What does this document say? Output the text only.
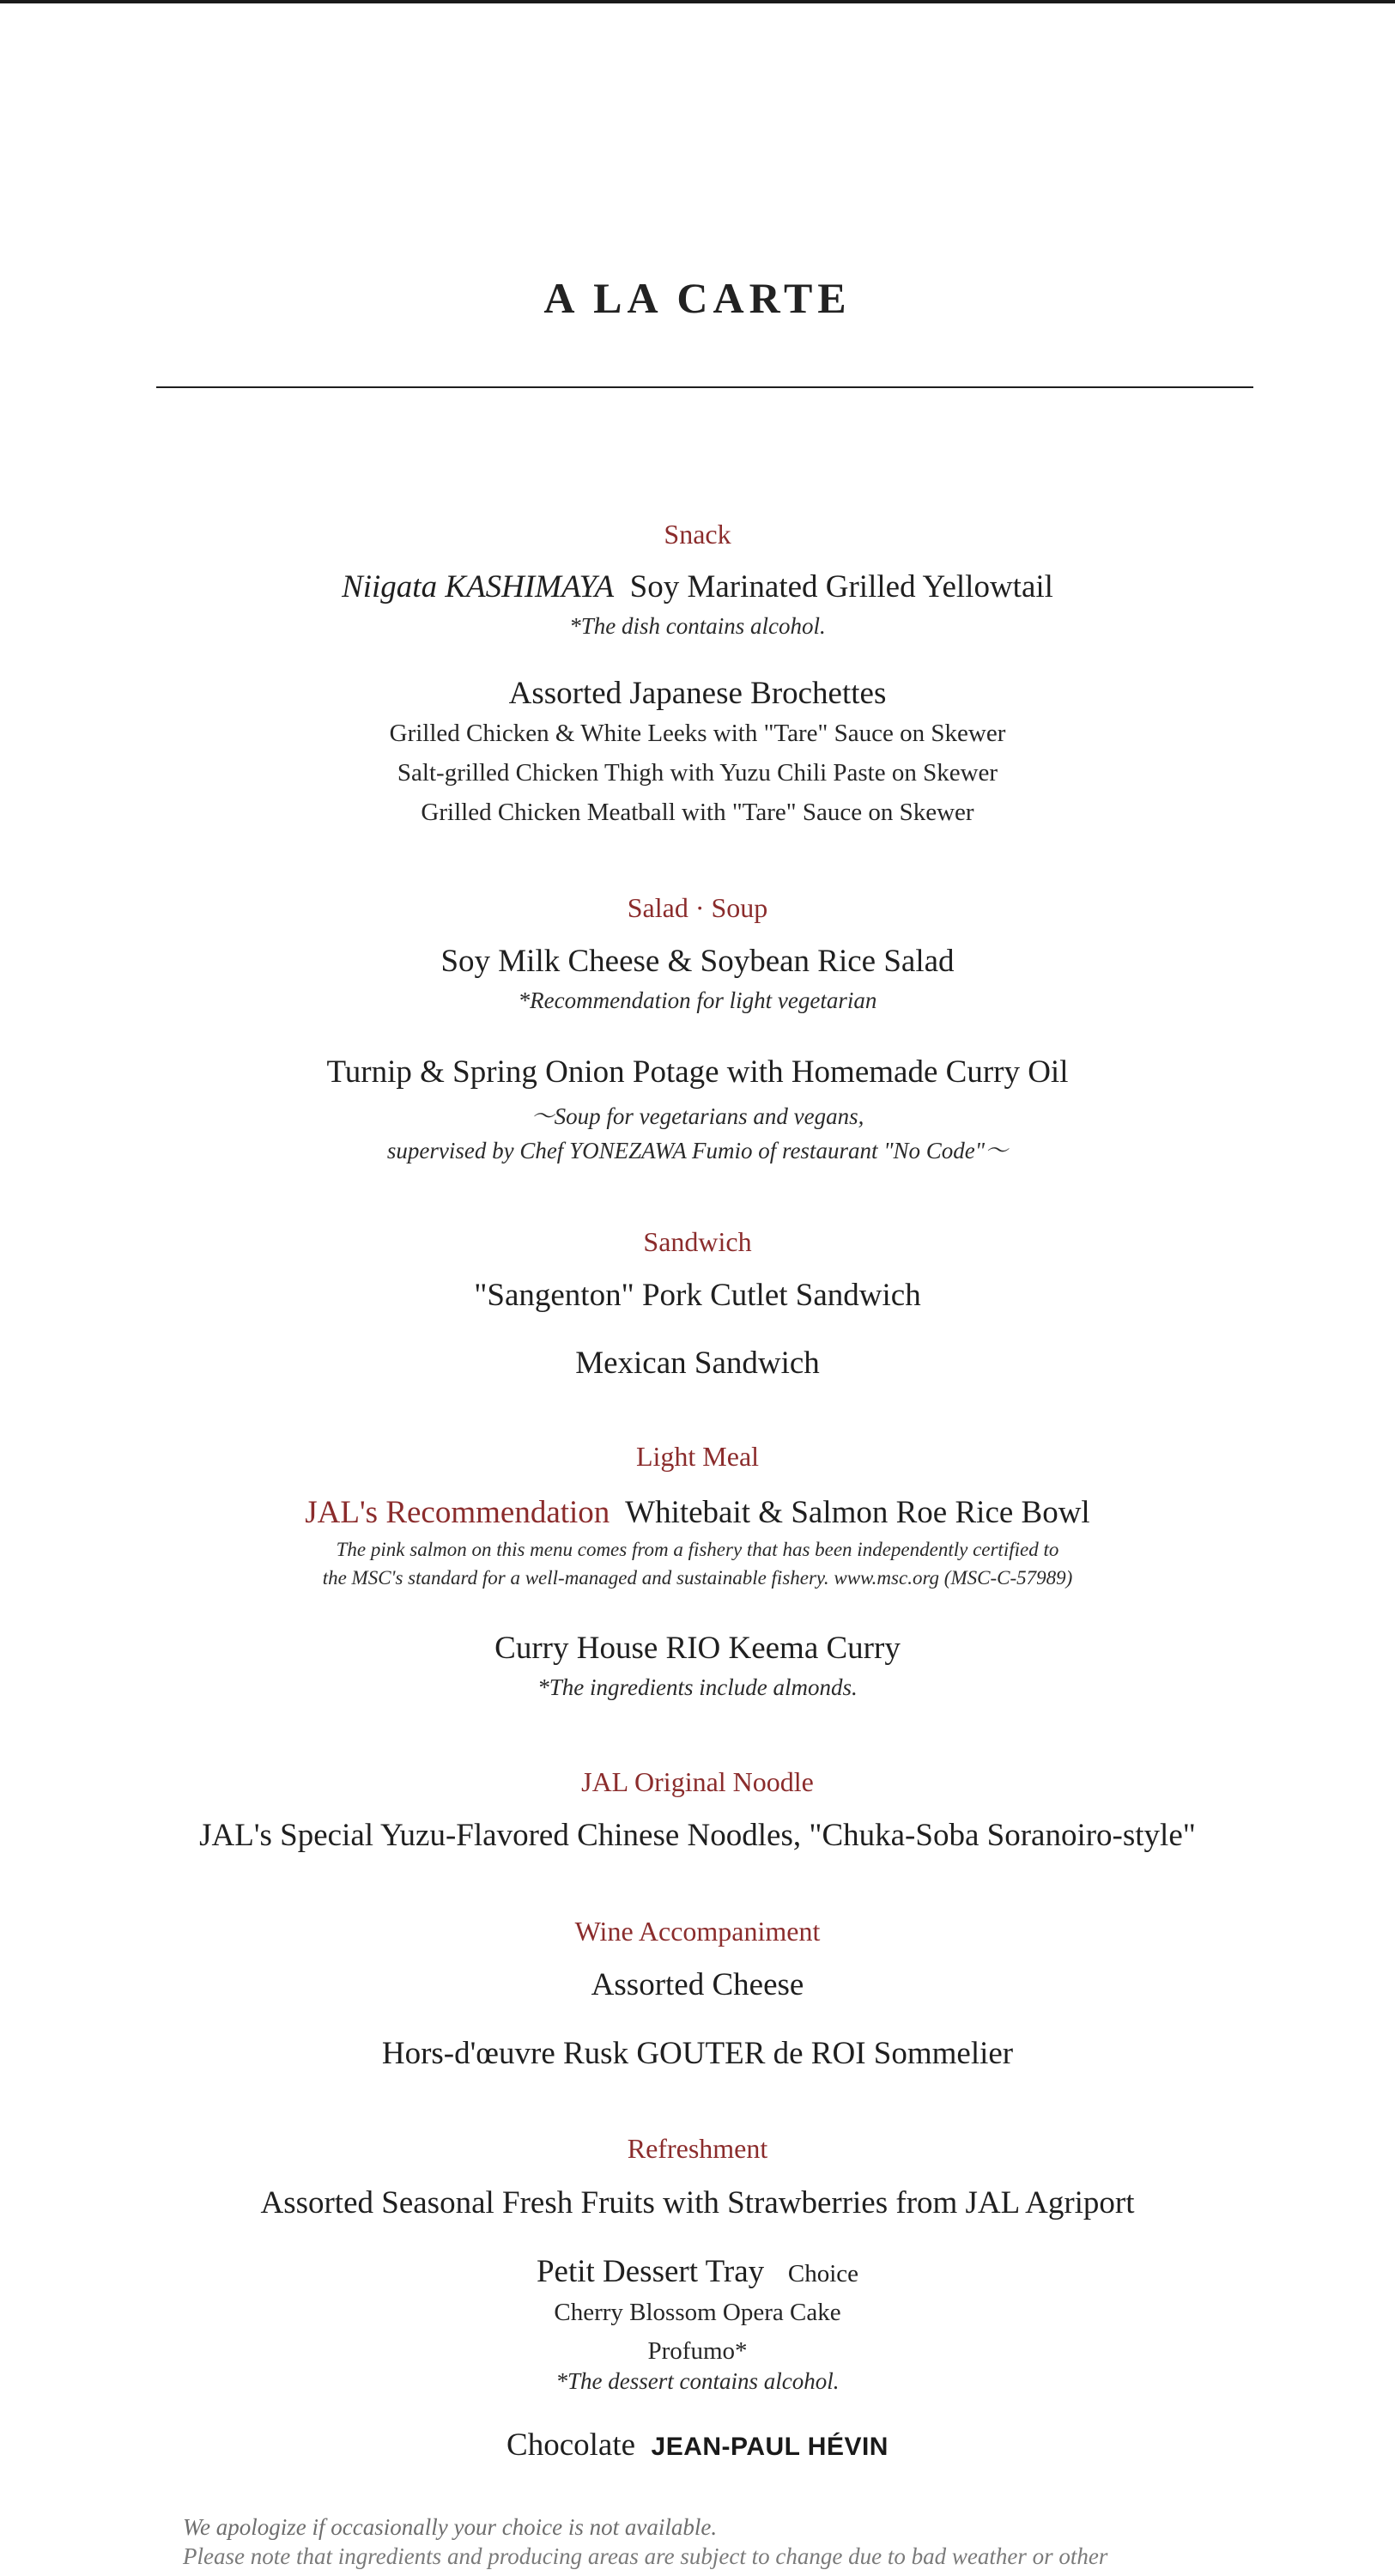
A LA CARTE
Snack
Niigata KASHIMAYA Soy Marinated Grilled Yellowtail
*The dish contains alcohol.
Assorted Japanese Brochettes
Grilled Chicken & White Leeks with "Tare" Sauce on Skewer
Salt-grilled Chicken Thigh with Yuzu Chili Paste on Skewer
Grilled Chicken Meatball with "Tare" Sauce on Skewer
Salad · Soup
Soy Milk Cheese & Soybean Rice Salad
*Recommendation for light vegetarian
Turnip & Spring Onion Potage with Homemade Curry Oil
～Soup for vegetarians and vegans,
supervised by Chef YONEZAWA Fumio of restaurant "No Code"～
Sandwich
"Sangenton" Pork Cutlet Sandwich
Mexican Sandwich
Light Meal
JAL's Recommendation Whitebait & Salmon Roe Rice Bowl
The pink salmon on this menu comes from a fishery that has been independently certified to
the MSC's standard for a well-managed and sustainable fishery. www.msc.org (MSC-C-57989)
Curry House RIO Keema Curry
*The ingredients include almonds.
JAL Original Noodle
JAL's Special Yuzu-Flavored Chinese Noodles, "Chuka-Soba Soranoiro-style"
Wine Accompaniment
Assorted Cheese
Hors-d'œuvre Rusk GOUTER de ROI Sommelier
Refreshment
Assorted Seasonal Fresh Fruits with Strawberries from JAL Agriport
Petit Dessert Tray Choice
Cherry Blossom Opera Cake
Profumo*
*The dessert contains alcohol.
Chocolate JEAN-PAUL HÉVIN
We apologize if occasionally your choice is not available.
Please note that ingredients and producing areas are subject to change due to bad weather or other
